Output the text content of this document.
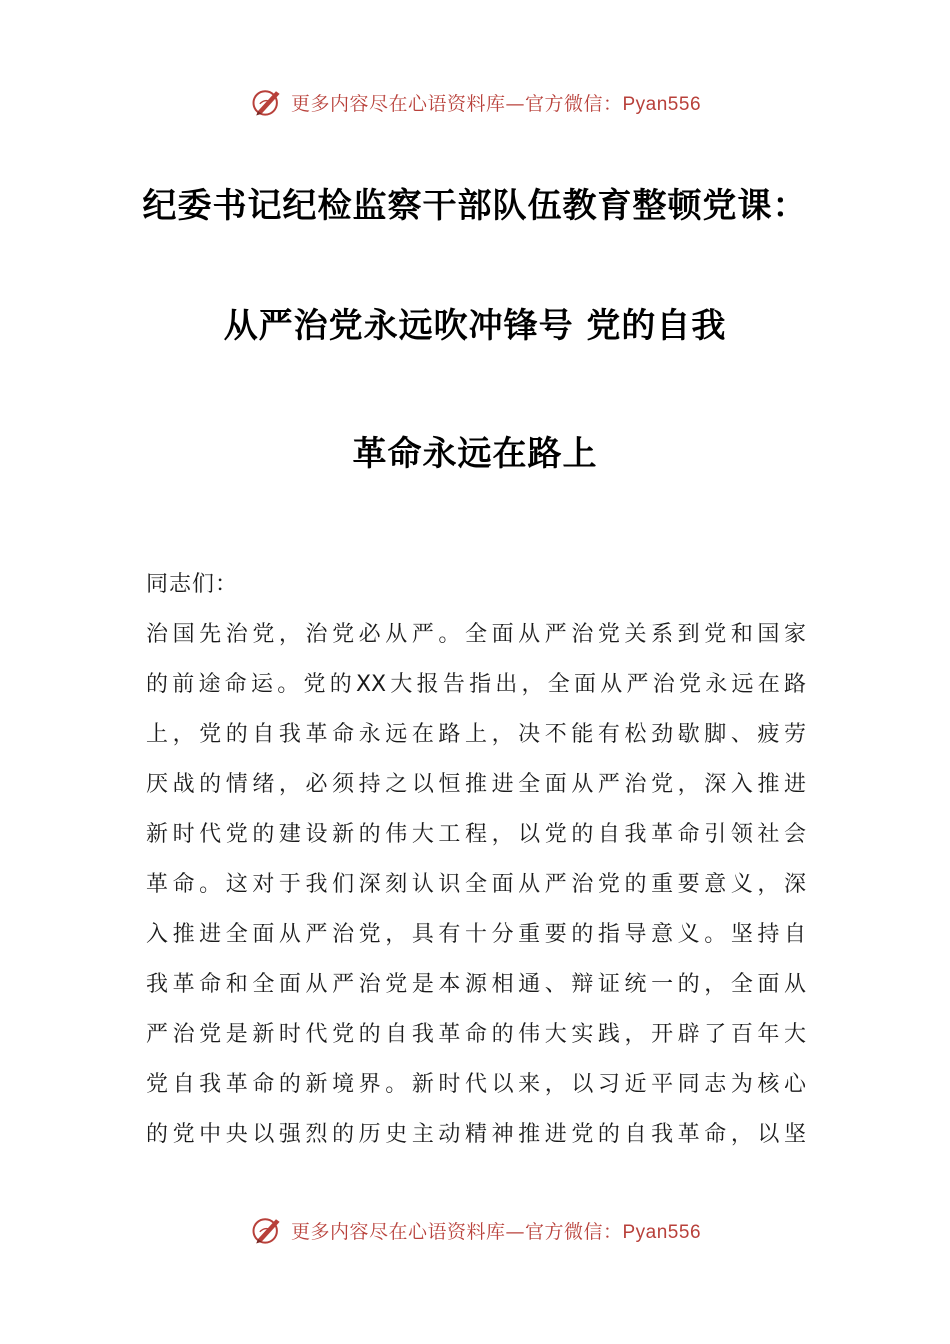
更多内容尽在心语资料库—官方微信：Pyan556
纪委书记纪检监察干部队伍教育整顿党课：
从严治党永远吹冲锋号 党的自我
革命永远在路上
同志们：
治国先治党，治党必从严。全面从严治党关系到党和国家
的前途命运。党的XX大报告指出，全面从严治党永远在路
上，党的自我革命永远在路上，决不能有松劲歇脚、疲劳
厌战的情绪，必须持之以恒推进全面从严治党，深入推进
新时代党的建设新的伟大工程，以党的自我革命引领社会
革命。这对于我们深刻认识全面从严治党的重要意义，深
入推进全面从严治党，具有十分重要的指导意义。坚持自
我革命和全面从严治党是本源相通、辩证统一的，全面从
严治党是新时代党的自我革命的伟大实践，开辟了百年大
党自我革命的新境界。新时代以来，以习近平同志为核心
的党中央以强烈的历史主动精神推进党的自我革命，以坚
更多内容尽在心语资料库—官方微信：Pyan556
